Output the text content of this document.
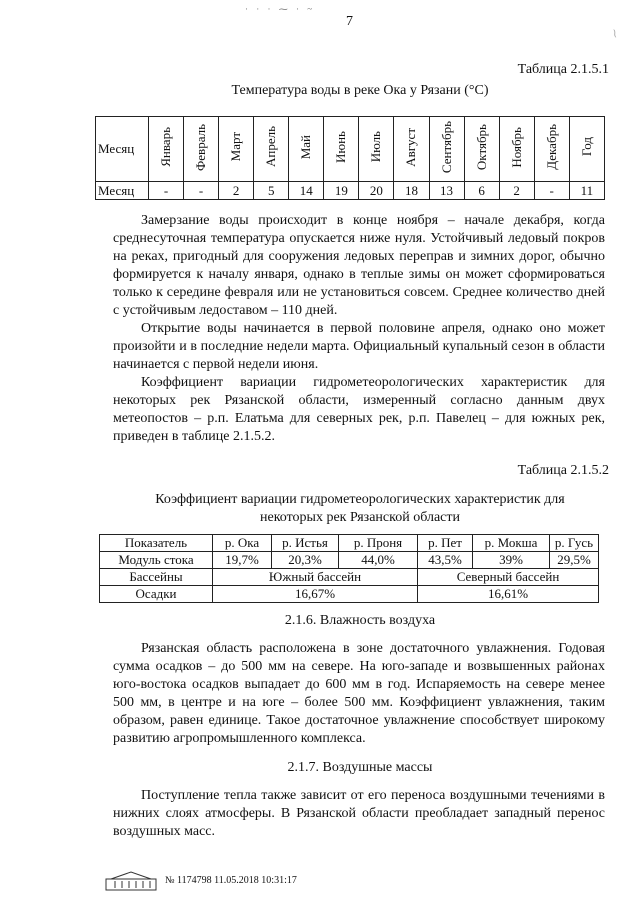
· · · ⁓ · ~
⁓
7
Таблица 2.1.5.1
Температура воды в реке Ока у Рязани (°С)
Месяц	Январь	Февраль	Март	Апрель	Май	Июнь	Июль	Август	Сентябрь	Октябрь	Ноябрь	Декабрь	Год
Месяц	-	-	2	5	14	19	20	18	13	6	2	-	11
Замерзание воды происходит в конце ноября – начале декабря, когда среднесуточная температура опускается ниже нуля. Устойчивый ледовый покров на реках, пригодный для сооружения ледовых переправ и зимних дорог, обычно формируется к началу января, однако в теплые зимы он может сформироваться только к середине февраля или не установиться совсем. Среднее количество дней с устойчивым ледоставом – 110 дней.
Открытие воды начинается в первой половине апреля, однако оно может произойти и в последние недели марта. Официальный купальный сезон в области начинается с первой недели июня.
Коэффициент вариации гидрометеорологических характеристик для некоторых рек Рязанской области, измеренный согласно данным двух метеопостов – р.п. Елатьма для северных рек, р.п. Павелец – для южных рек, приведен в таблице 2.1.5.2.
Таблица 2.1.5.2
Коэффициент вариации гидрометеорологических характеристик для
некоторых рек Рязанской области
Показатель	р. Ока	р. Истья	р. Проня	р. Пет	р. Мокша	р. Гусь
Модуль стока	19,7%	20,3%	44,0%	43,5%	39%	29,5%
Бассейны	Южный бассейн			Северный бассейн		
Осадки	16,67%			16,61%		
2.1.6. Влажность воздуха
Рязанская область расположена в зоне достаточного увлажнения. Годовая сумма осадков – до 500 мм на севере. На юго-западе и возвышенных районах юго-востока осадков выпадает до 600 мм в год. Испаряемость на севере менее 500 мм, в центре и на юге – более 500 мм. Коэффициент увлажнения, таким образом, равен единице. Такое достаточное увлажнение способствует широкому развитию агропромышленного комплекса.
2.1.7. Воздушные массы
Поступление тепла также зависит от его переноса воздушными течениями в нижних слоях атмосферы. В Рязанской области преобладает западный перенос воздушных масс.
№ 1174798 11.05.2018 10:31:17
